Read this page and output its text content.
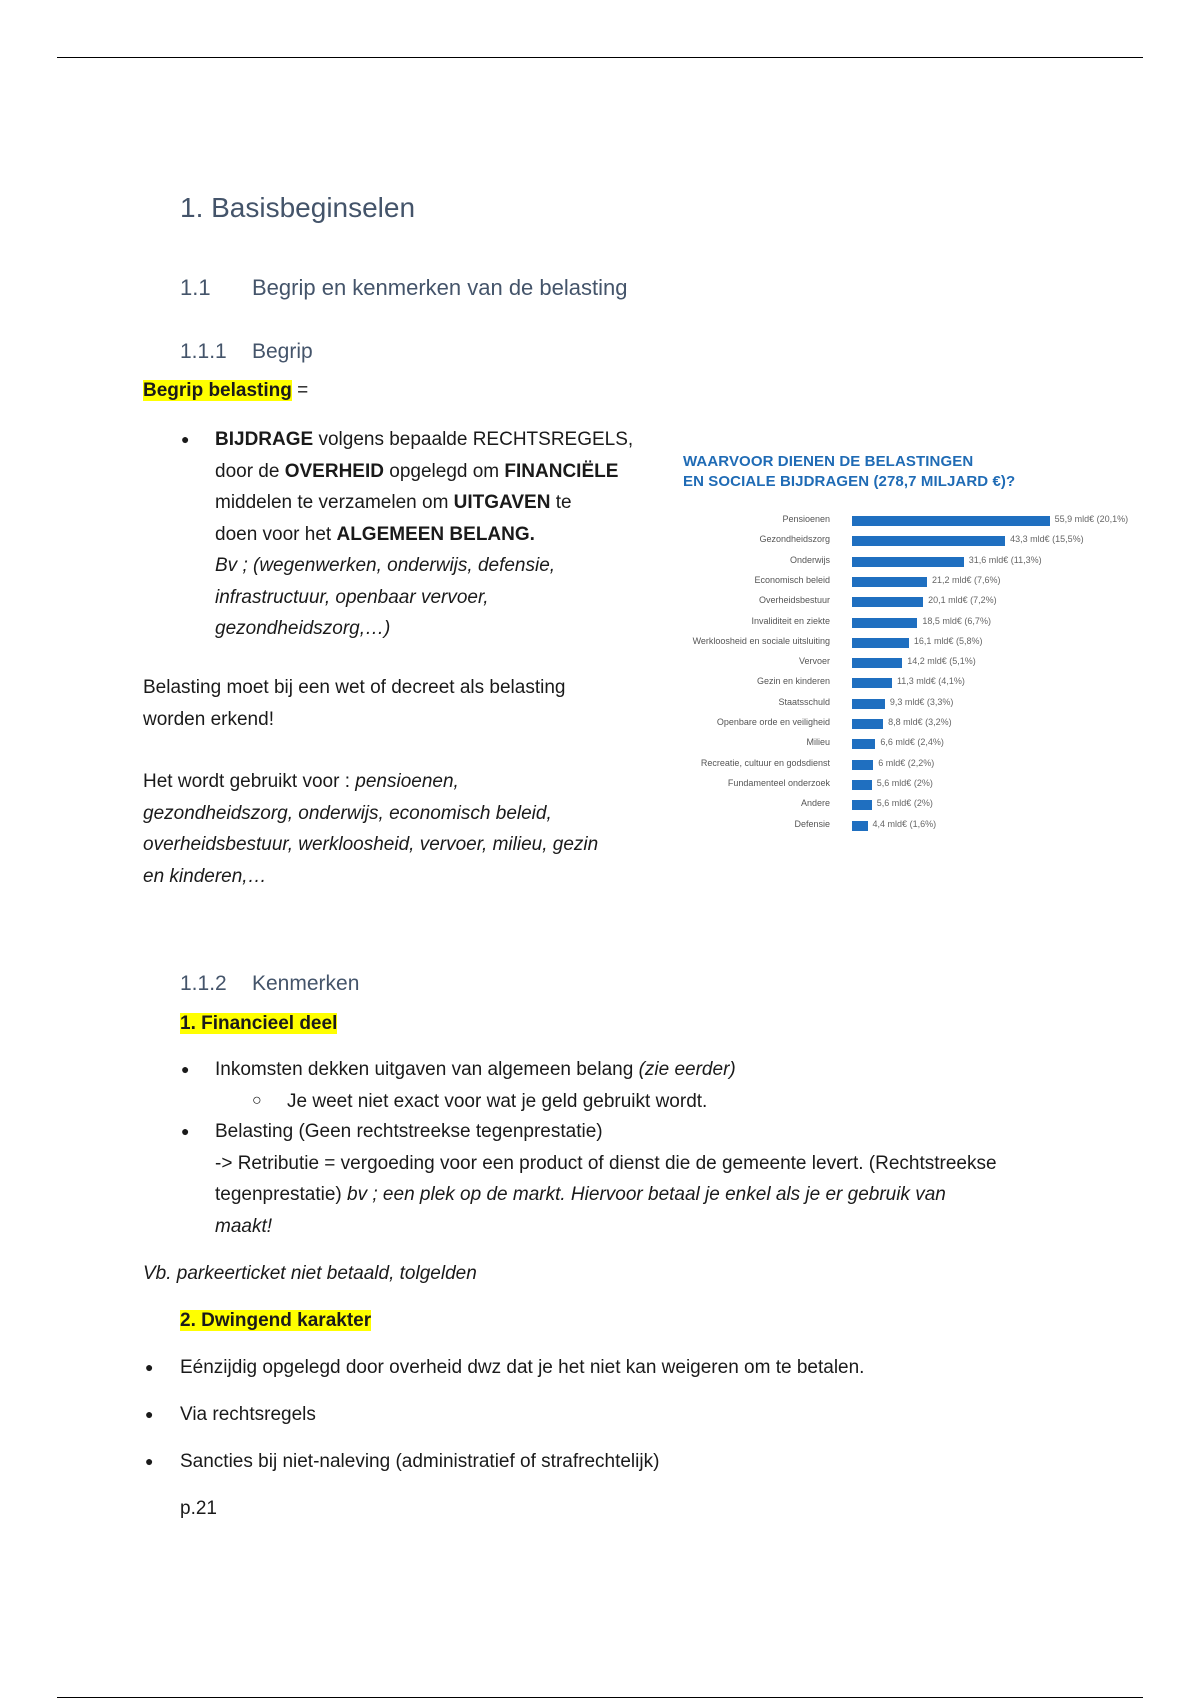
1. Basisbeginselen
1.1 Begrip en kenmerken van de belasting
1.1.1 Begrip
Begrip belasting =
● BIJDRAGE volgens bepaalde RECHTSREGELS,

door de OVERHEID opgelegd om FINANCIËLE

middelen te verzamelen om UITGAVEN te

doen voor het ALGEMEEN BELANG.

Bv ; (wegenwerken, onderwijs, defensie,

infrastructuur, openbaar vervoer,

gezondheidszorg,…)

Belasting moet bij een wet of decreet als belasting

worden erkend!

Het wordt gebruikt voor : pensioenen,

gezondheidszorg, onderwijs, economisch beleid,

overheidsbestuur, werkloosheid, vervoer, milieu, gezin

en kinderen,…

WAARVOOR DIENEN DE BELASTINGEN
EN SOCIALE BIJDRAGEN (278,7 MILJARD €)?
Pensioenen	55,9 mld€ (20,1%)
Gezondheidszorg	43,3 mld€ (15,5%)
Onderwijs	31,6 mld€ (11,3%)
Economisch beleid	21,2 mld€ (7,6%)
Overheidsbestuur	20,1 mld€ (7,2%)
Invaliditeit en ziekte	18,5 mld€ (6,7%)
Werkloosheid en sociale uitsluiting	16,1 mld€ (5,8%)
Vervoer	14,2 mld€ (5,1%)
Gezin en kinderen	11,3 mld€ (4,1%)
Staatsschuld	9,3 mld€ (3,3%)
Openbare orde en veiligheid	8,8 mld€ (3,2%)
Milieu	6,6 mld€ (2,4%)
Recreatie, cultuur en godsdienst	6 mld€ (2,2%)
Fundamenteel onderzoek	5,6 mld€ (2%)
Andere	5,6 mld€ (2%)
Defensie	4,4 mld€ (1,6%)
1.1.2 Kenmerken
1. Financieel deel
● Inkomsten dekken uitgaven van algemeen belang (zie eerder)
○ Je weet niet exact voor wat je geld gebruikt wordt.
● Belasting (Geen rechtstreekse tegenprestatie)

-> Retributie = vergoeding voor een product of dienst die de gemeente levert. (Rechtstreekse

tegenprestatie) bv ; een plek op de markt. Hiervoor betaal je enkel als je er gebruik van

maakt!

Vb. parkeerticket niet betaald, tolgelden
2. Dwingend karakter
● Eénzijdig opgelegd door overheid dwz dat je het niet kan weigeren om te betalen.
● Via rechtsregels
● Sancties bij niet-naleving (administratief of strafrechtelijk)
p.21
